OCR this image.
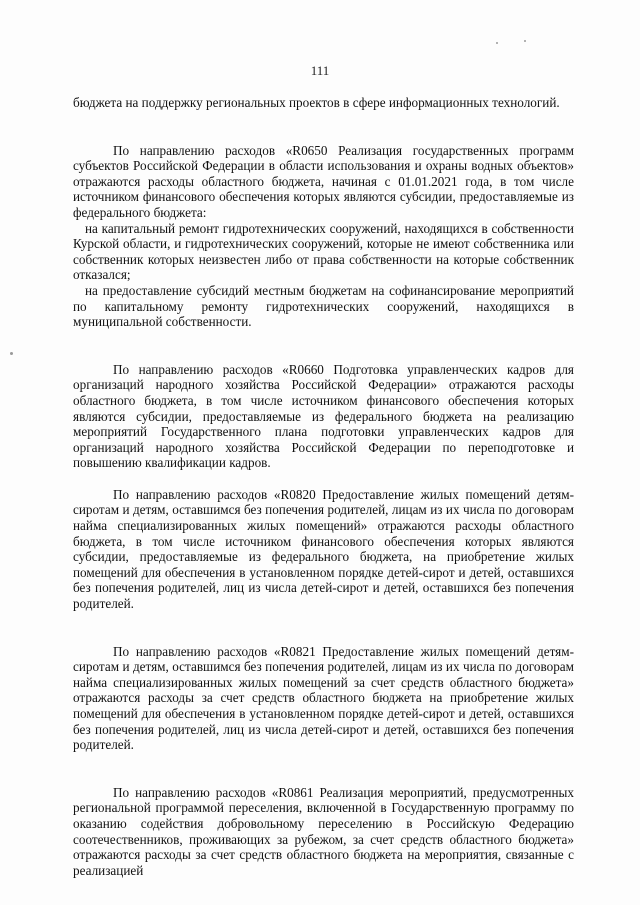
111

бюджета на поддержку региональных проектов в сфере информационных технологий.

По направлению расходов «R0650 Реализация государственных программ субъектов Российской Федерации в области использования и охраны водных объектов» отражаются расходы областного бюджета, начиная с 01.01.2021 года, в том числе источником финансового обеспечения которых являются субсидии, предоставляемые из федерального бюджета:

на капитальный ремонт гидротехнических сооружений, находящихся в собственности Курской области, и гидротехнических сооружений, которые не имеют собственника или собственник которых неизвестен либо от права собственности на которые собственник отказался;

на предоставление субсидий местным бюджетам на софинансирование мероприятий по капитальному ремонту гидротехнических сооружений, находящихся в муниципальной собственности.

По направлению расходов «R0660 Подготовка управленческих кадров для организаций народного хозяйства Российской Федерации» отражаются расходы областного бюджета, в том числе источником финансового обеспечения которых являются субсидии, предоставляемые из федерального бюджета на реализацию мероприятий Государственного плана подготовки управленческих кадров для организаций народного хозяйства Российской Федерации по переподготовке и повышению квалификации кадров.

По направлению расходов «R0820 Предоставление жилых помещений детям-сиротам и детям, оставшимся без попечения родителей, лицам из их числа по договорам найма специализированных жилых помещений» отражаются расходы областного бюджета, в том числе источником финансового обеспечения которых являются субсидии, предоставляемые из федерального бюджета, на приобретение жилых помещений для обеспечения в установленном порядке детей-сирот и детей, оставшихся без попечения родителей, лиц из числа детей-сирот и детей, оставшихся без попечения родителей.

По направлению расходов «R0821 Предоставление жилых помещений детям-сиротам и детям, оставшимся без попечения родителей, лицам из их числа по договорам найма специализированных жилых помещений за счет средств областного бюджета» отражаются расходы за счет средств областного бюджета на приобретение жилых помещений для обеспечения в установленном порядке детей-сирот и детей, оставшихся без попечения родителей, лиц из числа детей-сирот и детей, оставшихся без попечения родителей.

По направлению расходов «R0861 Реализация мероприятий, предусмотренных региональной программой переселения, включенной в Государственную программу по оказанию содействия добровольному переселению в Российскую Федерацию соотечественников, проживающих за рубежом, за счет средств областного бюджета» отражаются расходы за счет средств областного бюджета на мероприятия, связанные с реализацией
